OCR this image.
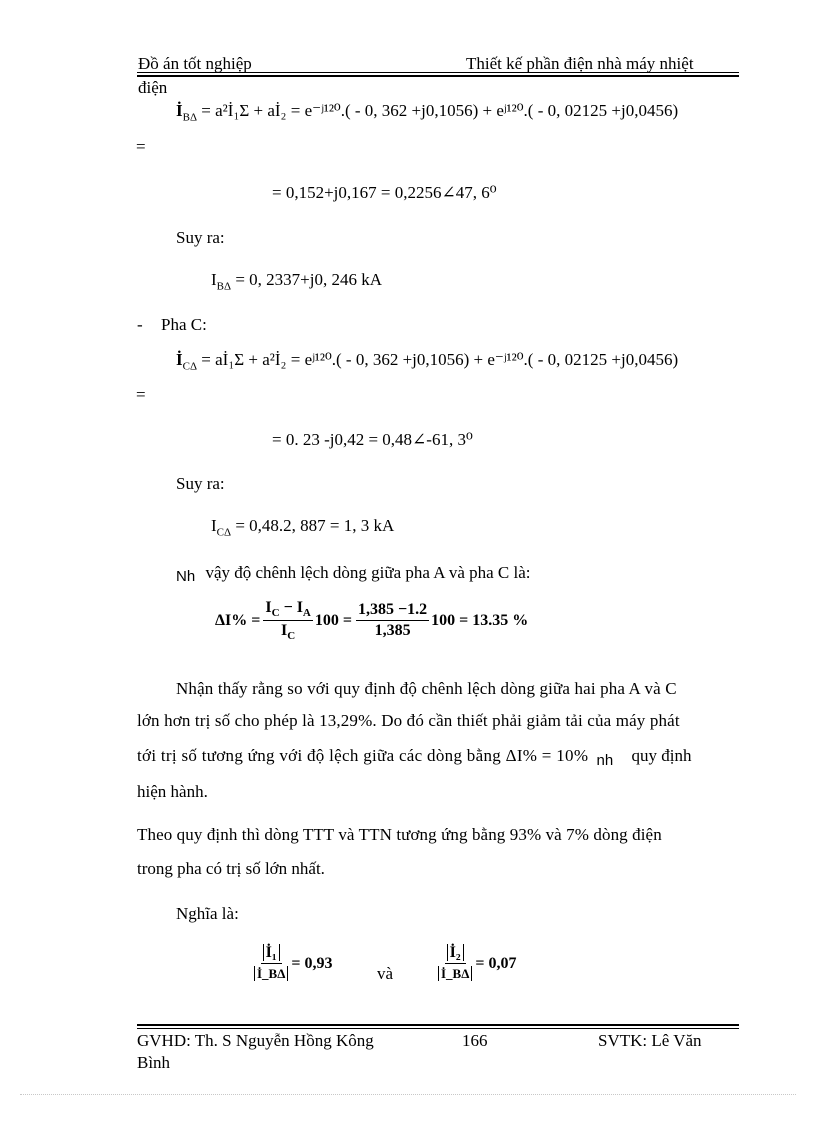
Đồ án tốt nghiệp	Thiết kế phần điện nhà máy nhiệt
điện
$İ_{B\Delta}$ = a²İ₁Σ + aİ₂ = e⁻ʲ¹²⁰.( - 0, 362 +j0,1056) + eʲ¹²⁰.( - 0, 02125 +j0,0456)
=
= 0,152+j0,167 = 0,2256∠47, 6⁰
Suy ra:
$I_{B\Delta} = 0$, 2337+j0, 246 kA
- Pha C:
$İ_{C\Delta}$ = aİ₁Σ + a²İ₂ = eʲ¹²⁰.( - 0, 362 +j0,1056) + e⁻ʲ¹²⁰.( - 0, 02125 +j0,0456)
=
= 0. 23 -j0,42 = 0,48∠-61, 3⁰
Suy ra:
$I_{C\Delta} = 0,48.2$, 887 = 1, 3 kA
Nh vậy độ chênh lệch dòng giữa pha A và pha C là:
$\Delta I\% = \frac{I_C - I_A}{I_C} 100 = \frac{1,385 -1.2}{1,385} 100 = 13.35$ %
Nhận thấy rằng so với quy định độ chênh lệch dòng giữa hai pha A và C
lớn hơn trị số cho phép là 13,29%. Do đó cần thiết phải giảm tải của máy phát
tới trị số tương ứng với độ lệch giữa các dòng bằng ΔI% = 10% nh quy định
hiện hành.
Theo quy định thì dòng TTT và TTN tương ứng bằng 93% và 7% dòng điện
trong pha có trị số lớn nhất.
Nghĩa là:
$\frac{\text{İ₁}}{İ\_B\Delta} = 0,93$
và	$\frac{\text{İ₂}}{İ\_B\Delta} = 0,07$
GVHD: Th. S Nguyễn Hồng Kông	166	SVTK: Lê Văn
Bình
